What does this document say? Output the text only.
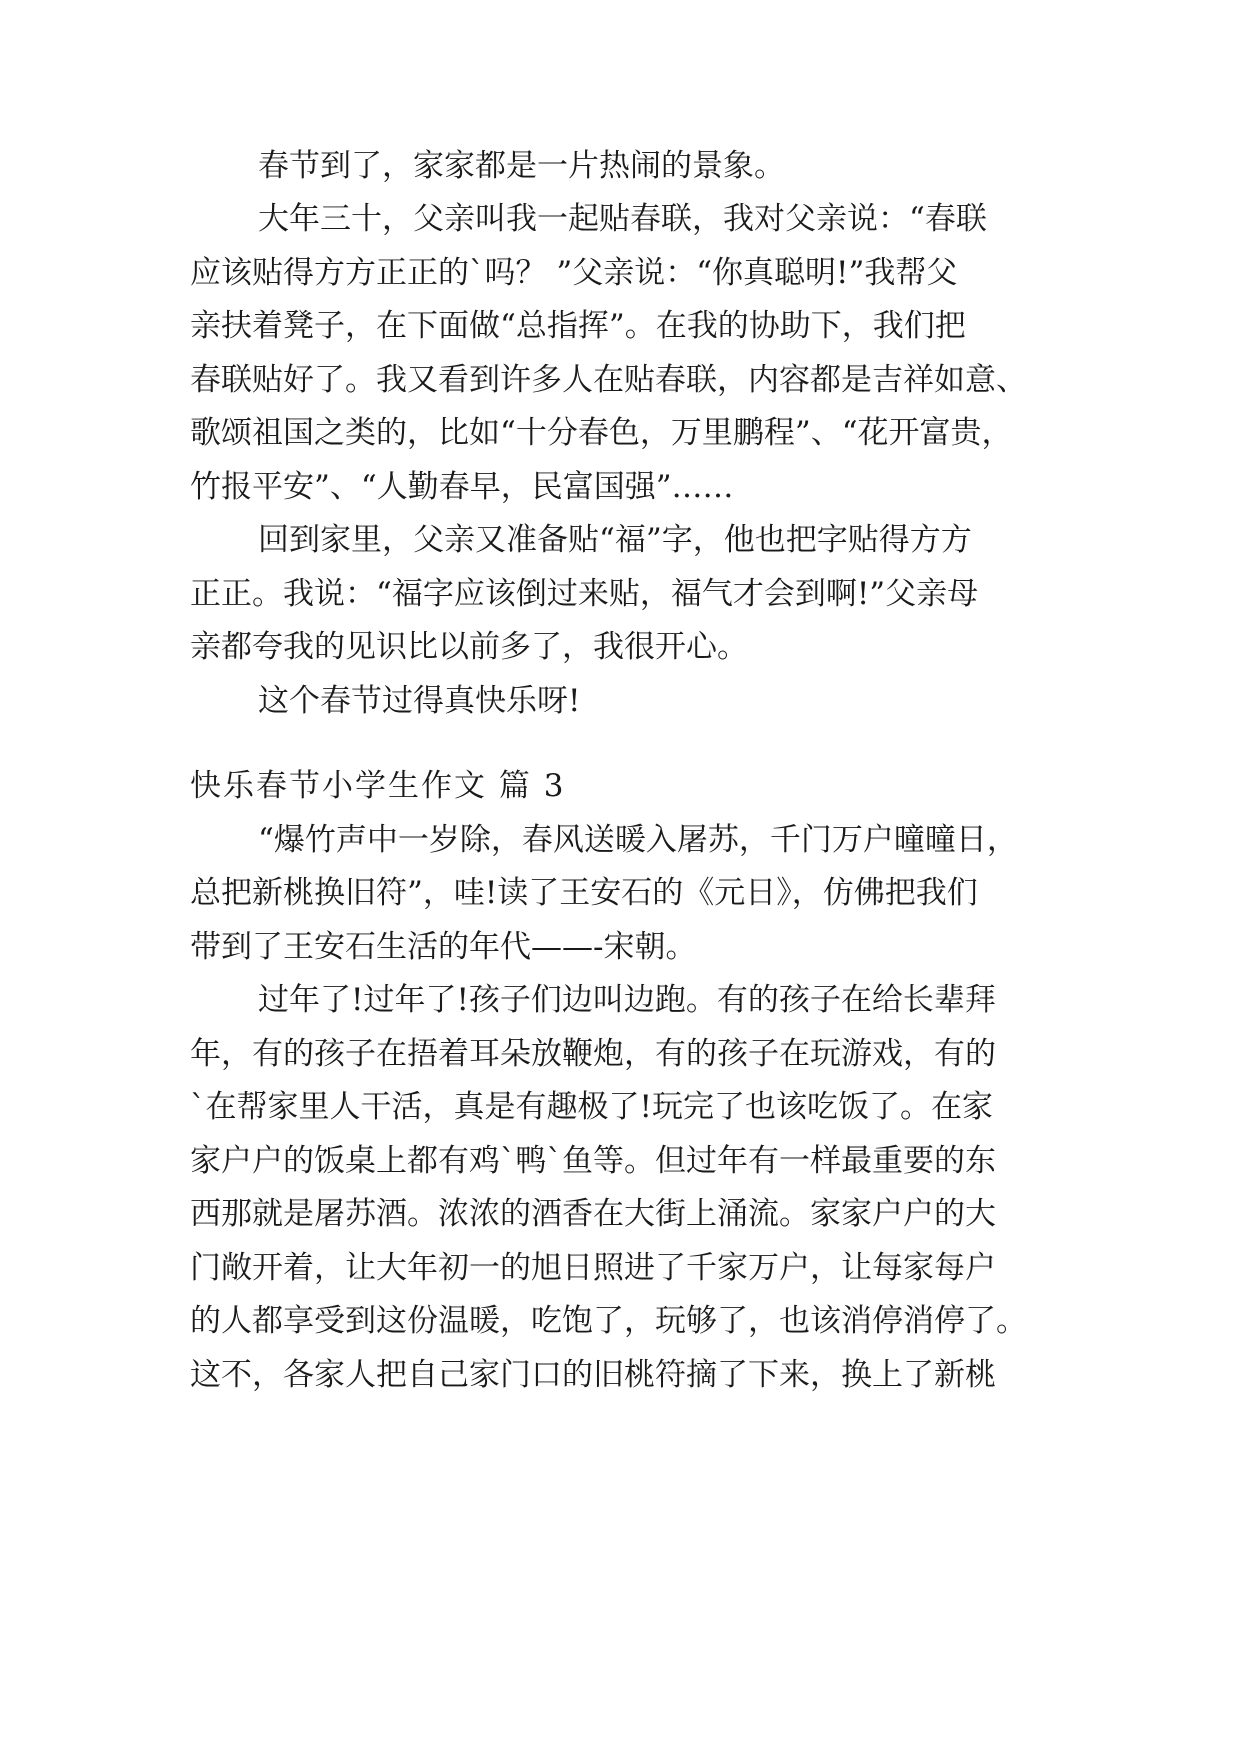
春节到了，家家都是一片热闹的景象。
大年三十，父亲叫我一起贴春联，我对父亲说：“春联
应该贴得方方正正的`吗？ ”父亲说：“你真聪明!”我帮父
亲扶着凳子，在下面做“总指挥”。在我的协助下，我们把
春联贴好了。我又看到许多人在贴春联，内容都是吉祥如意、
歌颂祖国之类的，比如“十分春色，万里鹏程”、“花开富贵，
竹报平安”、“人勤春早，民富国强”……
回到家里，父亲又准备贴“福”字，他也把字贴得方方
正正。我说：“福字应该倒过来贴，福气才会到啊!”父亲母
亲都夸我的见识比以前多了，我很开心。
这个春节过得真快乐呀!
快乐春节小学生作文 篇 3
“爆竹声中一岁除，春风送暖入屠苏，千门万户曈曈日，
总把新桃换旧符”，哇!读了王安石的《元日》，仿佛把我们
带到了王安石生活的年代——-宋朝。
过年了!过年了!孩子们边叫边跑。有的孩子在给长辈拜
年，有的孩子在捂着耳朵放鞭炮，有的孩子在玩游戏，有的
`在帮家里人干活，真是有趣极了!玩完了也该吃饭了。在家
家户户的饭桌上都有鸡`鸭`鱼等。但过年有一样最重要的东
西那就是屠苏酒。浓浓的酒香在大街上涌流。家家户户的大
门敞开着，让大年初一的旭日照进了千家万户，让每家每户
的人都享受到这份温暖，吃饱了，玩够了，也该消停消停了。
这不，各家人把自己家门口的旧桃符摘了下来，换上了新桃
